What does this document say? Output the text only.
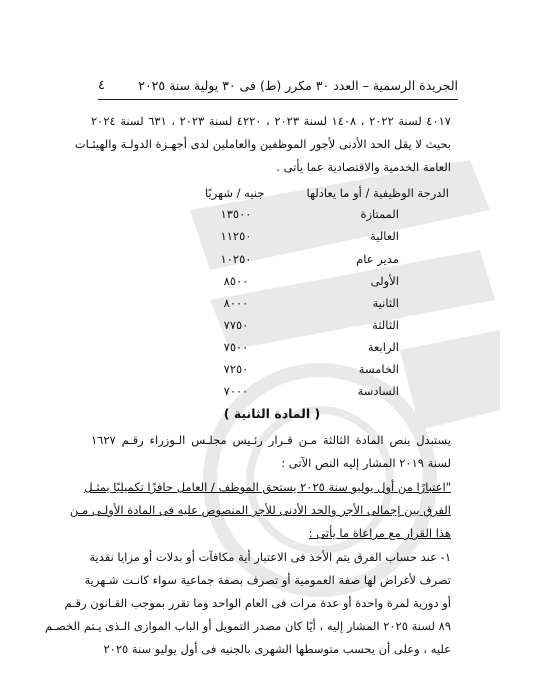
الجريدة الرسمية – العدد ٣٠ مكرر (ط) فى ٣٠ يولية سنة ٢٠٢٥
٤
٤٠١٧ لسنة ٢٠٢٢ ، ١٤٠٨ لسنة ٢٠٢٣ ، ٤٢٢٠ لسنة ٢٠٢٣ ، ٦٣١ لسنة ٢٠٢٤
بحيث لا يقل الحد الأدنى لأجور الموظفين والعاملين لدى أجهـزة الدولـة والهيئـات
العامة الخدمية والاقتصادية عما يأتى .
الدرجة الوظيفية / أو ما يعادلها
جنيه / شهريًا
الممتازة
١٣٥٠٠
العالية
١١٢٥٠
مدير عام
١٠٢٥٠
الأولى
٨٥٠٠
الثانية
٨٠٠٠
الثالثة
٧٧٥٠
الرابعة
٧٥٠٠
الخامسة
٧٢٥٠
السادسة
٧٠٠٠
( المادة الثانية )
يستبدل بنص المادة الثالثة مـن قـرار رئـيس مجلـس الـوزراء رقـم ١٦٢٧
لسنة ٢٠١٩ المشار إليه النص الآتى :
"اعتبارًا من أول يوليو سنة ٢٠٢٥ يستحق الموظف / العامل حافزًا تكميليًا يمثـل
الفرق بين إجمالى الأجر والحد الأدنى للأجر المنصوص عليه فى المادة الأولـى مـن
هذا القرار مع مراعاة ما يأتى :
١- عند حساب الفرق يتم الأخذ فى الاعتبار أية مكافآت أو بدلات أو مزايا نقدية
تصرف لأغراض لها صفة العمومية أو تصرف بصفة جماعية سواء كانـت شـهرية
أو دورية لمرة واحدة أو عدة مرات فى العام الواحد وما تقرر بموجب القـانون رقـم
٨٩ لسنة ٢٠٢٥ المشار إليه ، أيًا كان مصدر التمويل أو الباب الموازى الـذى يـتم الخصـم
عليه ، وعلى أن يحسب متوسطها الشهرى بالجنيه فى أول يوليو سنة ٢٠٢٥
